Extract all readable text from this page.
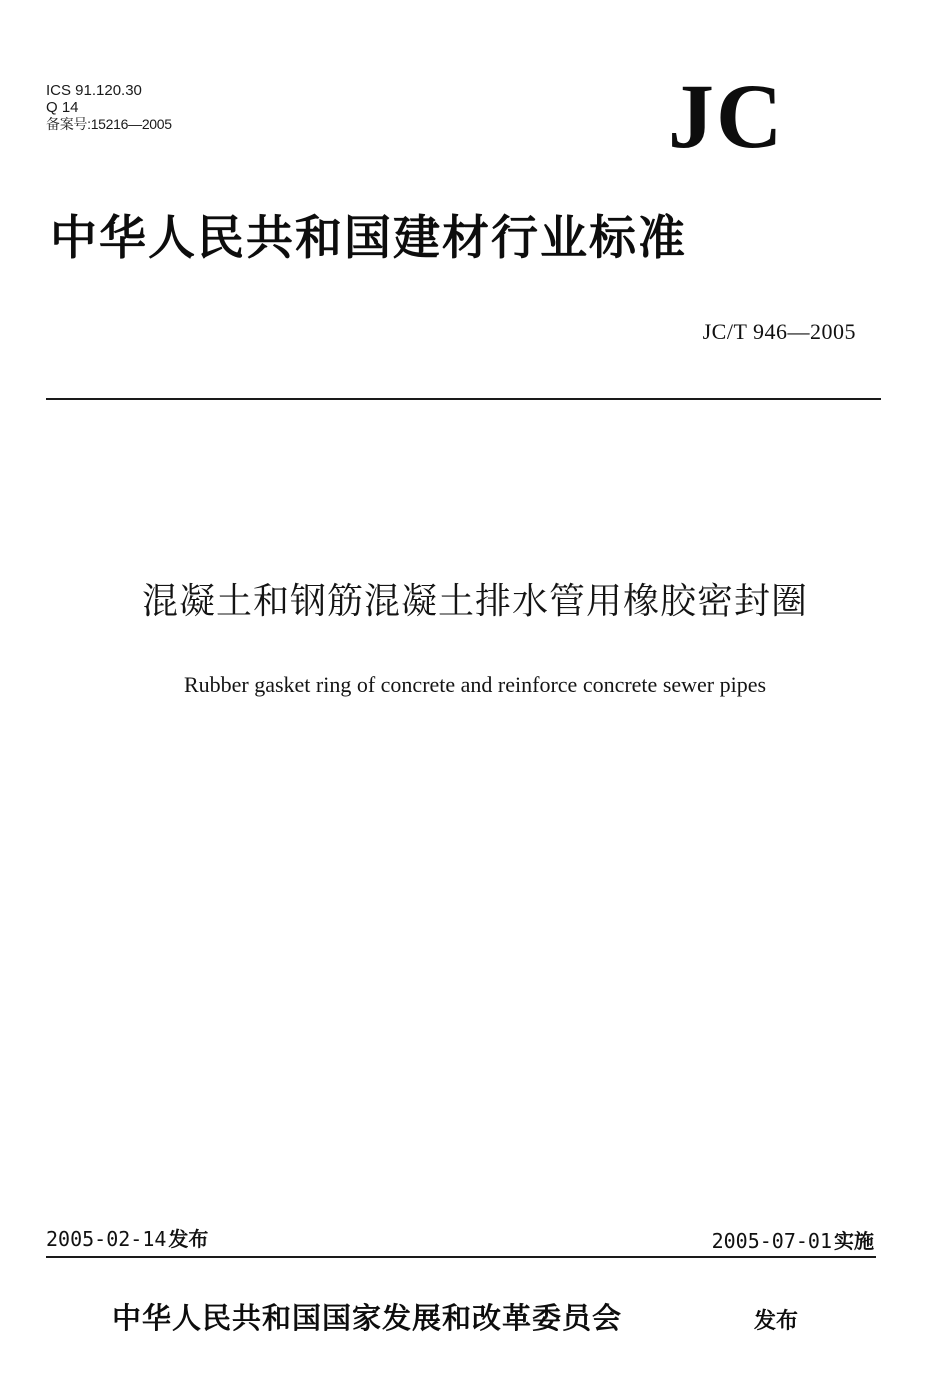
ICS 91.120.30
Q 14
备案号:15216—2005	JC
中华人民共和国建材行业标准
JC/T 946—2005
混凝土和钢筋混凝土排水管用橡胶密封圈
Rubber gasket ring of concrete and reinforce concrete sewer pipes
2005-02-14 发布	2005-07-01 实施
中华人民共和国国家发展和改革委员会	发布
